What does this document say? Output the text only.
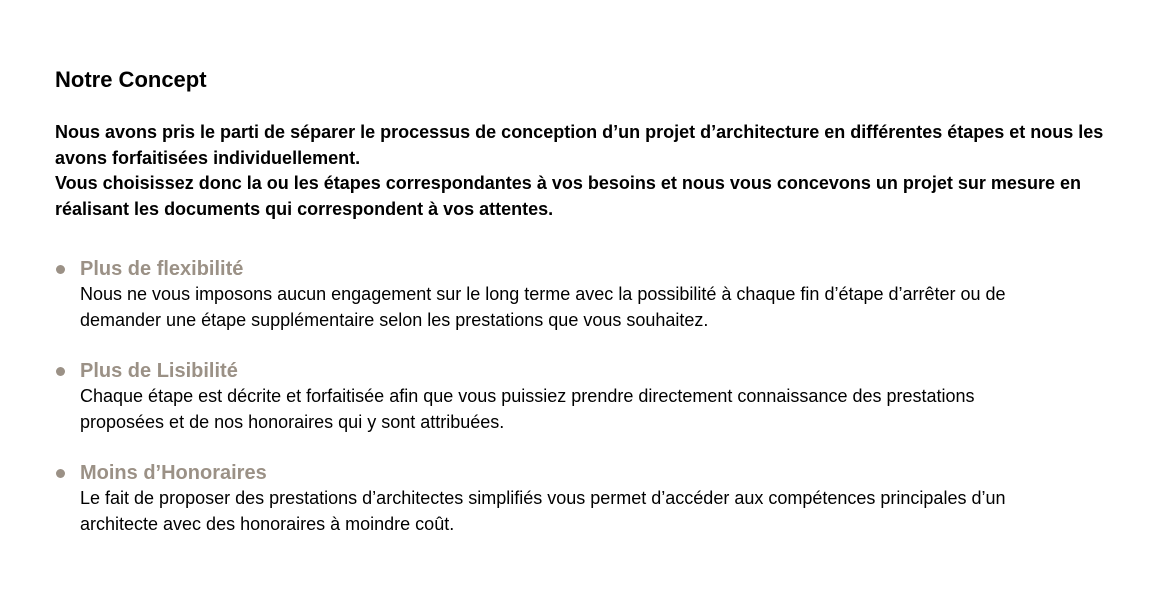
Notre Concept

Nous avons pris le parti de séparer le processus de conception d’un projet d’architecture en différentes étapes et nous les avons forfaitisées individuellement.

Vous choisissez donc la ou les étapes correspondantes à vos besoins et nous vous concevons un projet sur mesure en réalisant les documents qui correspondent à vos attentes.

Plus de flexibilité
Nous ne vous imposons aucun engagement sur le long terme avec la possibilité à chaque fin d’étape d’arrêter ou de demander une étape supplémentaire selon les prestations que vous souhaitez.
Plus de Lisibilité
Chaque étape est décrite et forfaitisée afin que vous puissiez prendre directement connaissance des prestations proposées et de nos honoraires qui y sont attribuées.
Moins d’Honoraires
Le fait de proposer des prestations d’architectes simplifiés vous permet d’accéder aux compétences principales d’un architecte avec des honoraires à moindre coût.
